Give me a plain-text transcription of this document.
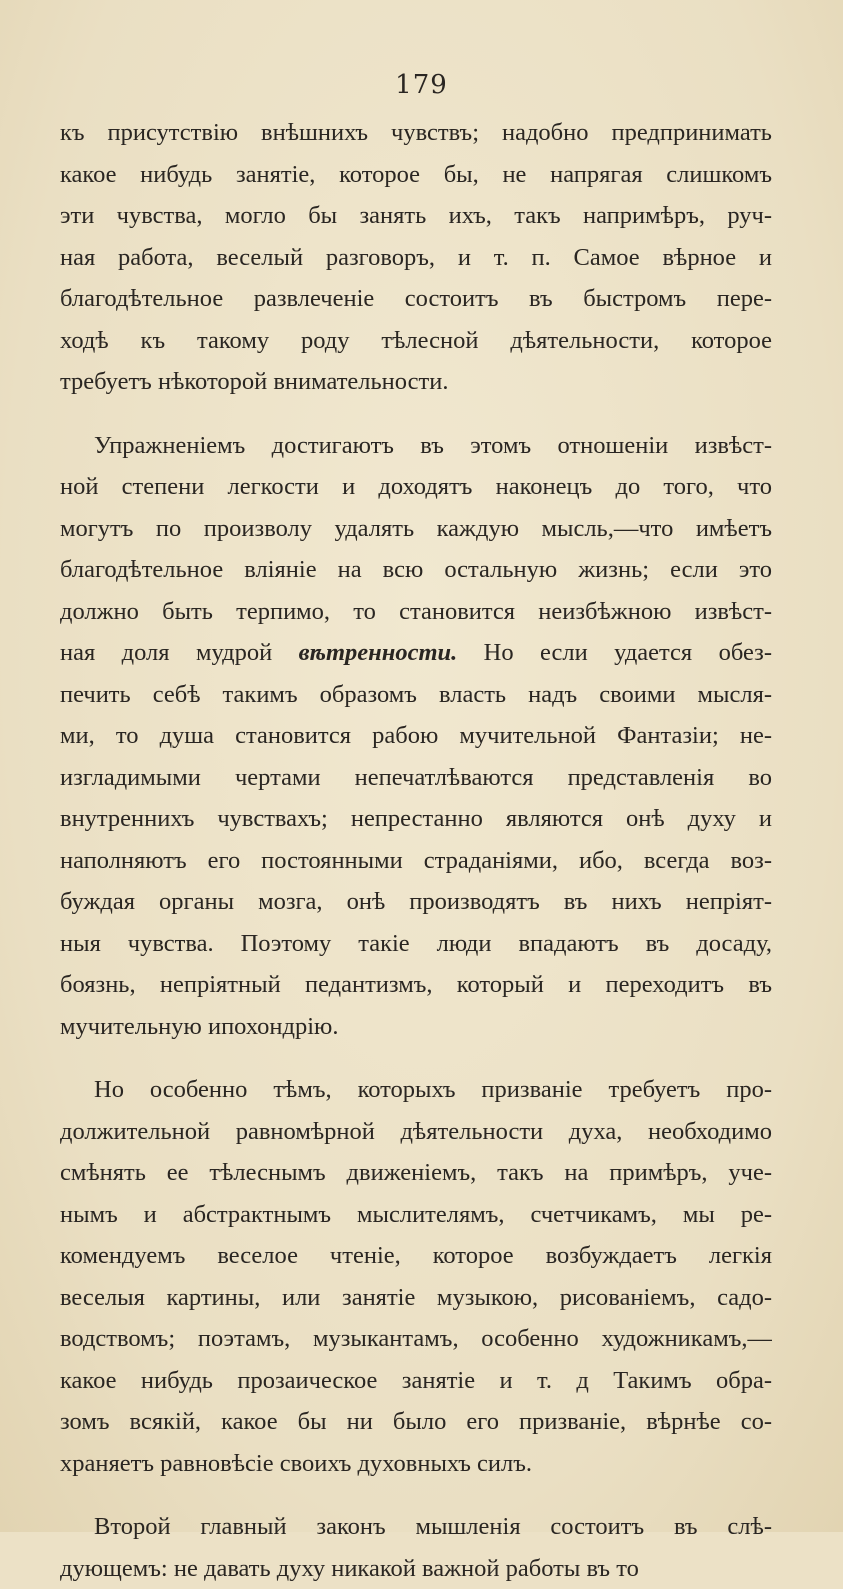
179
къ присутствію внѣшнихъ чувствъ; надобно предпринимать
какое нибудь занятіе, которое бы, не напрягая слишкомъ
эти чувства, могло бы занять ихъ, такъ напримѣръ, руч-
ная работа, веселый разговоръ, и т. п. Самое вѣрное и
благодѣтельное развлеченіе состоитъ въ быстромъ пере-
ходѣ къ такому роду тѣлесной дѣятельности, которое
требуетъ нѣкоторой внимательности.
Упражненіемъ достигаютъ въ этомъ отношеніи извѣст-
ной степени легкости и доходятъ наконецъ до того, что
могутъ по произволу удалять каждую мысль,—что имѣетъ
благодѣтельное вліяніе на всю остальную жизнь; если это
должно быть терпимо, то становится неизбѣжною извѣст-
ная доля мудрой вѣтренности. Но если удается обез-
печить себѣ такимъ образомъ власть надъ своими мысля-
ми, то душа становится рабою мучительной Фантазіи; не-
изгладимыми чертами непечатлѣваются представленія во
внутреннихъ чувствахъ; непрестанно являются онѣ духу и
наполняютъ его постоянными страданіями, ибо, всегда воз-
буждая органы мозга, онѣ производятъ въ нихъ непріят-
ныя чувства. Поэтому такіе люди впадаютъ въ досаду,
боязнь, непріятный педантизмъ, который и переходитъ въ
мучительную ипохондрію.
Но особенно тѣмъ, которыхъ призваніе требуетъ про-
должительной равномѣрной дѣятельности духа, необходимо
смѣнять ее тѣлеснымъ движеніемъ, такъ на примѣръ, уче-
нымъ и абстрактнымъ мыслителямъ, счетчикамъ, мы ре-
комендуемъ веселое чтеніе, которое возбуждаетъ легкія
веселыя картины, или занятіе музыкою, рисованіемъ, садо-
водствомъ; поэтамъ, музыкантамъ, особенно художникамъ,—
какое нибудь прозаическое занятіе и т. д Такимъ обра-
зомъ всякій, какое бы ни было его призваніе, вѣрнѣе со-
храняетъ равновѣсіе своихъ духовныхъ силъ.
Второй главный законъ мышленія состоитъ въ слѣ-
дующемъ: не давать духу никакой важной работы въ то
